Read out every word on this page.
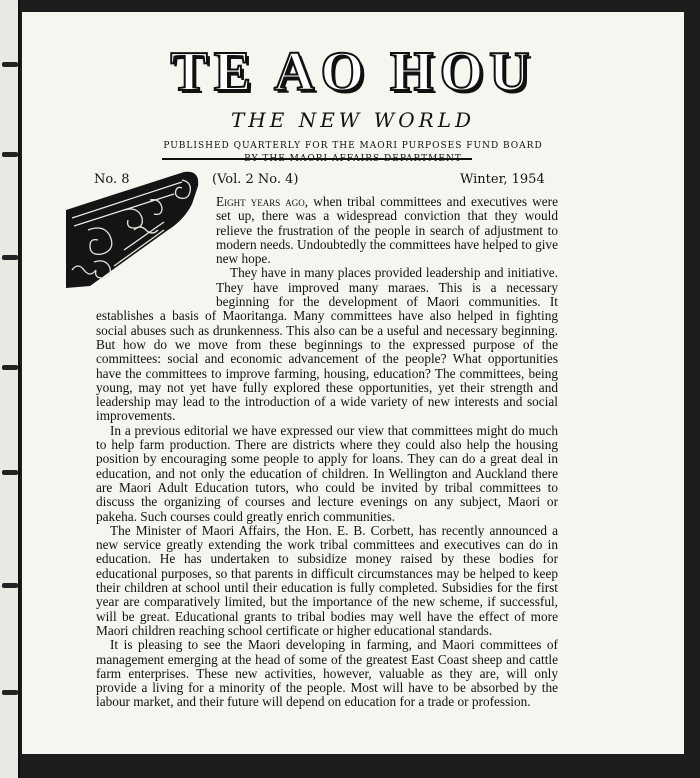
TE AO HOU
THE NEW WORLD
PUBLISHED QUARTERLY FOR THE MAORI PURPOSES FUND BOARD
No. 8	(Vol. 2 No. 4)	Winter, 1954

Eight years ago, when tribal committees and executives were set up, there was a widespread conviction that they would relieve the frustration of the people in search of adjustment to modern needs. Undoubtedly the committees have helped to give new hope.

They have in many places provided leadership and initiative. They have improved many maraes. This is a necessary beginning for the development of Maori communities. It establishes a basis of Maoritanga. Many committees have also helped in fighting social abuses such as drunkenness. This also can be a useful and necessary beginning. But how do we move from these beginnings to the expressed purpose of the committees: social and economic advancement of the people? What opportunities have the committees to improve farming, housing, education? The committees, being young, may not yet have fully explored these opportunities, yet their strength and leadership may lead to the introduction of a wide variety of new interests and social improvements.

In a previous editorial we have expressed our view that committees might do much to help farm production. There are districts where they could also help the housing position by encouraging some people to apply for loans. They can do a great deal in education, and not only the education of children. In Wellington and Auckland there are Maori Adult Education tutors, who could be invited by tribal committees to discuss the organizing of courses and lecture evenings on any subject, Maori or pakeha. Such courses could greatly enrich communities.

The Minister of Maori Affairs, the Hon. E. B. Corbett, has recently announced a new service greatly extending the work tribal committees and executives can do in education. He has undertaken to subsidize money raised by these bodies for educational purposes, so that parents in difficult circumstances may be helped to keep their children at school until their education is fully completed. Subsidies for the first year are comparatively limited, but the importance of the new scheme, if successful, will be great. Educational grants to tribal bodies may well have the effect of more Maori children reaching school certificate or higher educational standards.

It is pleasing to see the Maori developing in farming, and Maori committees of management emerging at the head of some of the greatest East Coast sheep and cattle farm enterprises. These new activities, however, valuable as they are, will only provide a living for a minority of the people. Most will have to be absorbed by the labour market, and their future will depend on education for a trade or profession.
